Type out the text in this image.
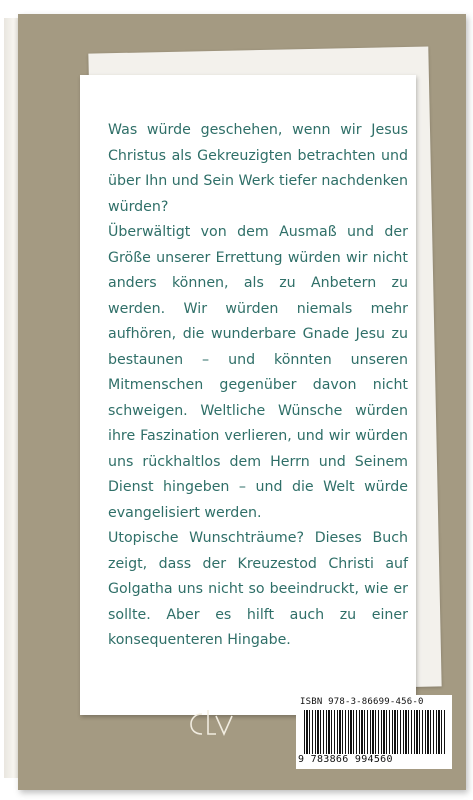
Was würde geschehen, wenn wir Jesus Christus als Gekreuzigten betrachten und über Ihn und Sein Werk tiefer nachdenken würden?

Überwältigt von dem Ausmaß und der Größe unserer Errettung würden wir nicht anders können, als zu Anbetern zu werden. Wir würden niemals mehr aufhören, die wunderbare Gnade Jesu zu bestaunen – und könnten unseren Mitmenschen gegenüber davon nicht schweigen. Weltliche Wünsche würden ihre Faszination verlieren, und wir würden uns rückhaltlos dem Herrn und Seinem Dienst hingeben – und die Welt würde evangelisiert werden.

Utopische Wunschträume? Dieses Buch zeigt, dass der Kreuzestod Christi auf Golgatha uns nicht so beeindruckt, wie er sollte. Aber es hilft auch zu einer konsequenteren Hingabe.

ISBN 978-3-86699-456-0
9 783866 994560
